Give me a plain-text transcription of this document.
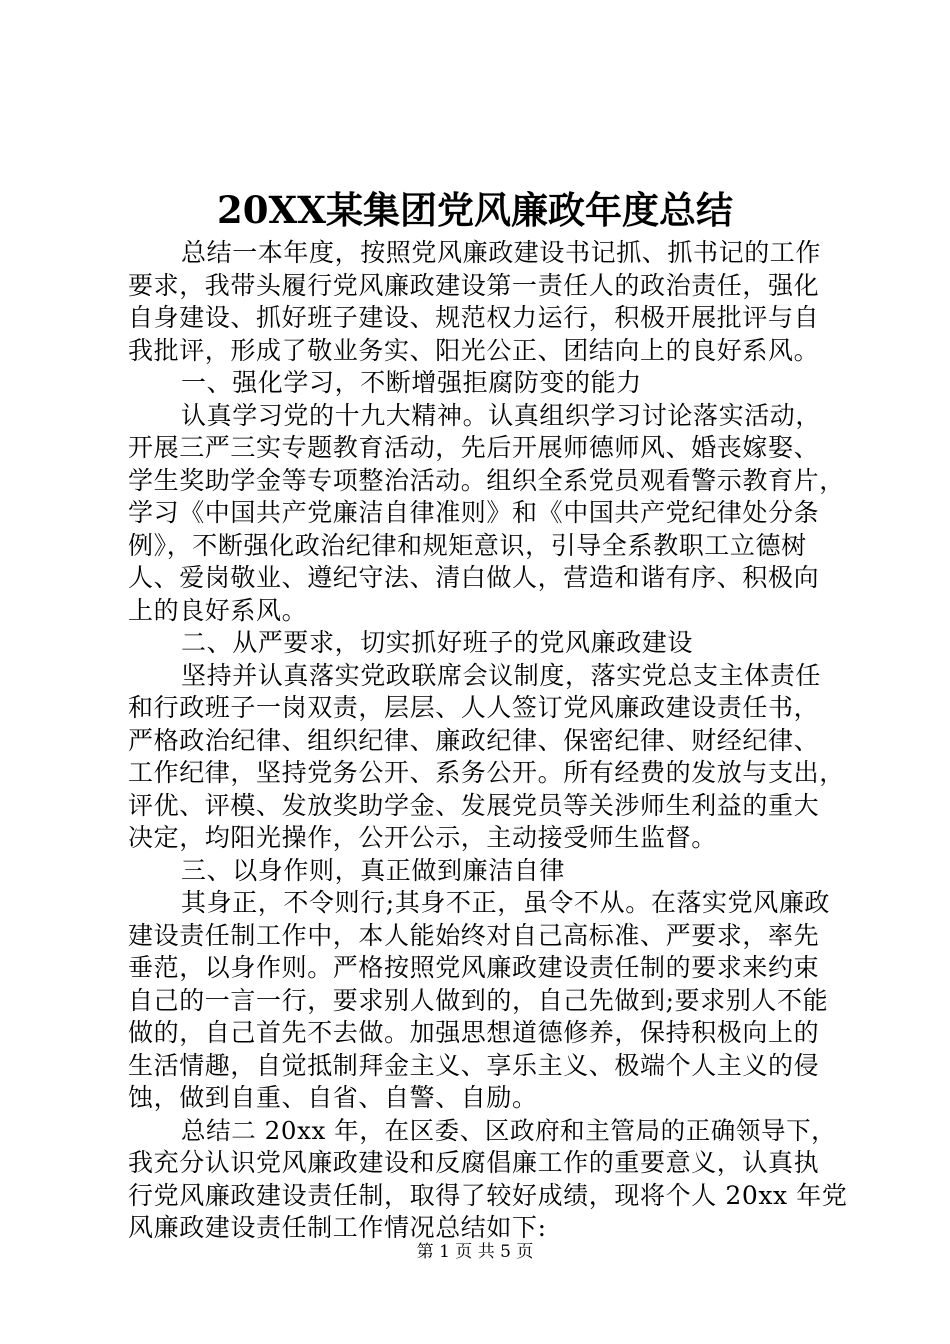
20XX某集团党风廉政年度总结
总结一本年度，按照党风廉政建设书记抓、抓书记的工作
要求，我带头履行党风廉政建设第一责任人的政治责任，强化
自身建设、抓好班子建设、规范权力运行，积极开展批评与自
我批评，形成了敬业务实、阳光公正、团结向上的良好系风。
一、强化学习，不断增强拒腐防变的能力
认真学习党的十九大精神。认真组织学习讨论落实活动，
开展三严三实专题教育活动，先后开展师德师风、婚丧嫁娶、
学生奖助学金等专项整治活动。组织全系党员观看警示教育片，
学习《中国共产党廉洁自律准则》和《中国共产党纪律处分条
例》，不断强化政治纪律和规矩意识，引导全系教职工立德树
人、爱岗敬业、遵纪守法、清白做人，营造和谐有序、积极向
上的良好系风。
二、从严要求，切实抓好班子的党风廉政建设
坚持并认真落实党政联席会议制度，落实党总支主体责任
和行政班子一岗双责，层层、人人签订党风廉政建设责任书，
严格政治纪律、组织纪律、廉政纪律、保密纪律、财经纪律、
工作纪律，坚持党务公开、系务公开。所有经费的发放与支出，
评优、评模、发放奖助学金、发展党员等关涉师生利益的重大
决定，均阳光操作，公开公示，主动接受师生监督。
三、以身作则，真正做到廉洁自律
其身正，不令则行;其身不正，虽令不从。在落实党风廉政
建设责任制工作中，本人能始终对自己高标准、严要求，率先
垂范，以身作则。严格按照党风廉政建设责任制的要求来约束
自己的一言一行，要求别人做到的，自己先做到;要求别人不能
做的，自己首先不去做。加强思想道德修养，保持积极向上的
生活情趣，自觉抵制拜金主义、享乐主义、极端个人主义的侵
蚀，做到自重、自省、自警、自励。
总结二 20xx 年，在区委、区政府和主管局的正确领导下，
我充分认识党风廉政建设和反腐倡廉工作的重要意义，认真执
行党风廉政建设责任制，取得了较好成绩，现将个人 20xx 年党
风廉政建设责任制工作情况总结如下:
第 1 页 共 5 页
